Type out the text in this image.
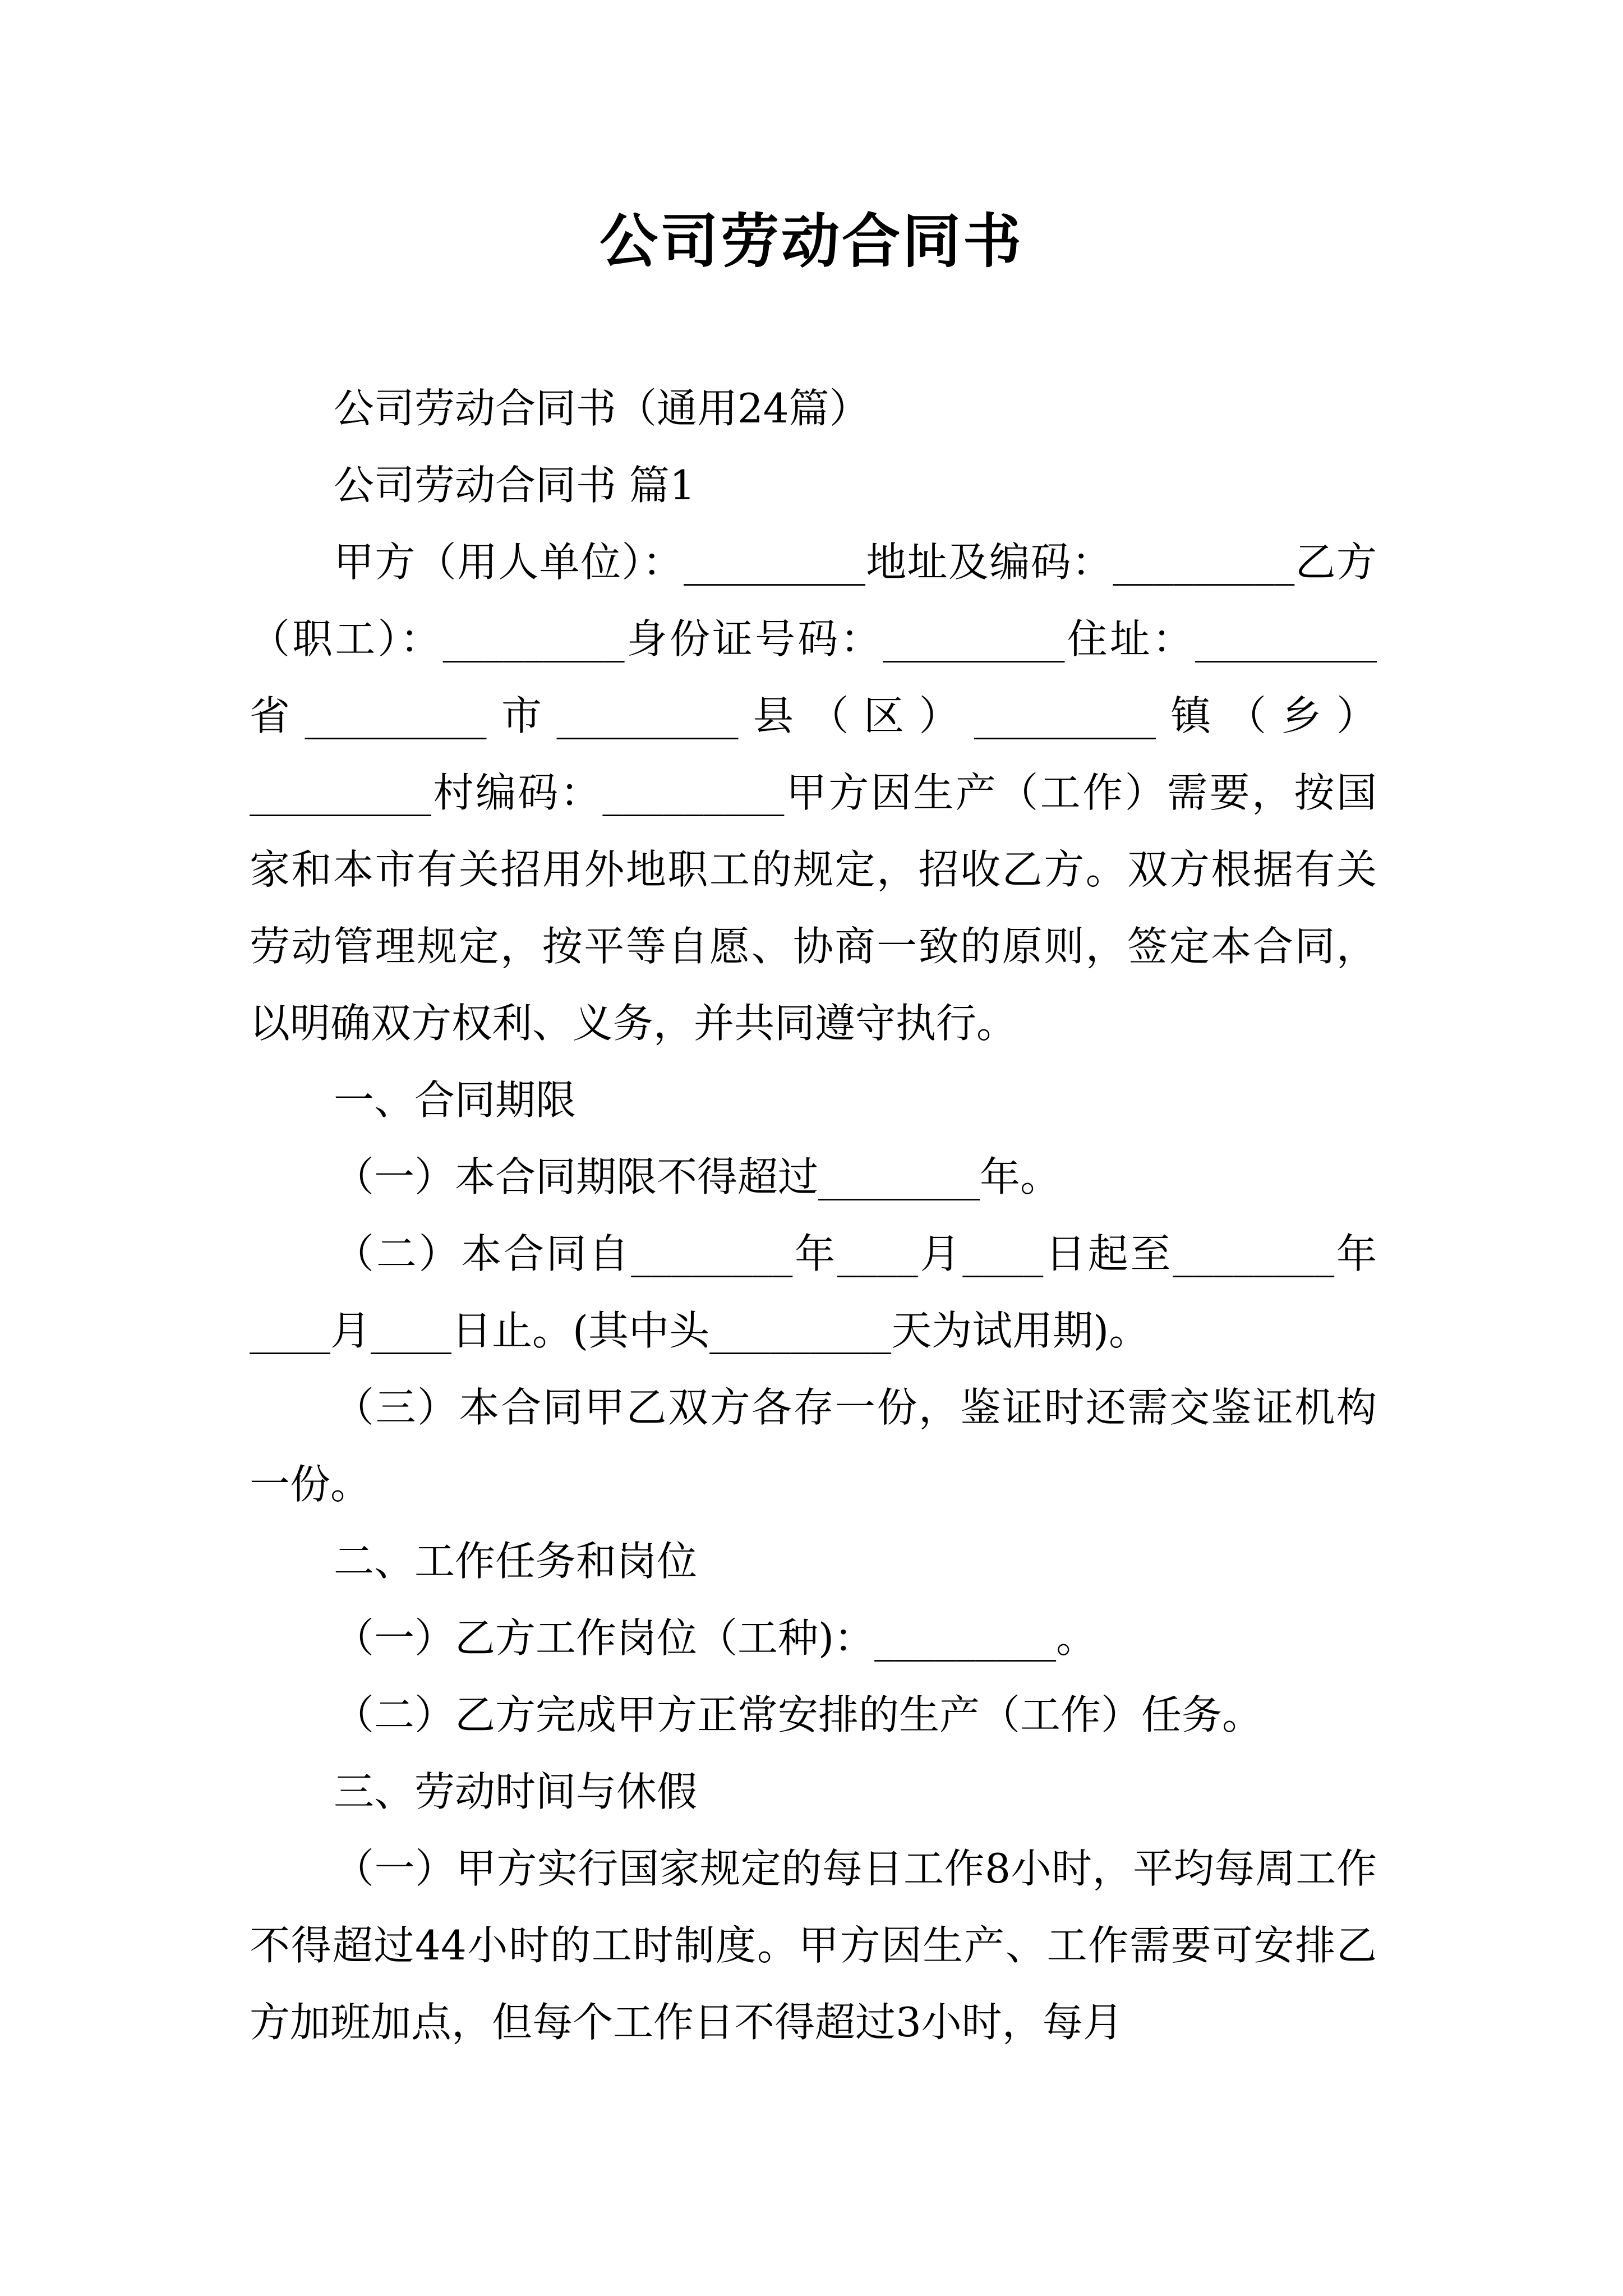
公司劳动合同书

公司劳动合同书（通用24篇）

公司劳动合同书 篇1

甲方（用人单位）：_________地址及编码：_________乙方（职工）：_________身份证号码：_________住址：_________省_________市_________县（区）_________镇（乡）_________村编码：_________甲方因生产（工作）需要，按国家和本市有关招用外地职工的规定，招收乙方。双方根据有关劳动管理规定，按平等自愿、协商一致的原则，签定本合同，以明确双方权利、义务，并共同遵守执行。

一、合同期限

（一）本合同期限不得超过________年。

（二）本合同自________年____月____日起至________年____月____日止。(其中头_________天为试用期)。

（三）本合同甲乙双方各存一份，鉴证时还需交鉴证机构一份。

二、工作任务和岗位

（一）乙方工作岗位（工种)：_________。

（二）乙方完成甲方正常安排的生产（工作）任务。

三、劳动时间与休假

（一）甲方实行国家规定的每日工作8小时，平均每周工作不得超过44小时的工时制度。甲方因生产、工作需要可安排乙方加班加点，但每个工作日不得超过3小时，每月
